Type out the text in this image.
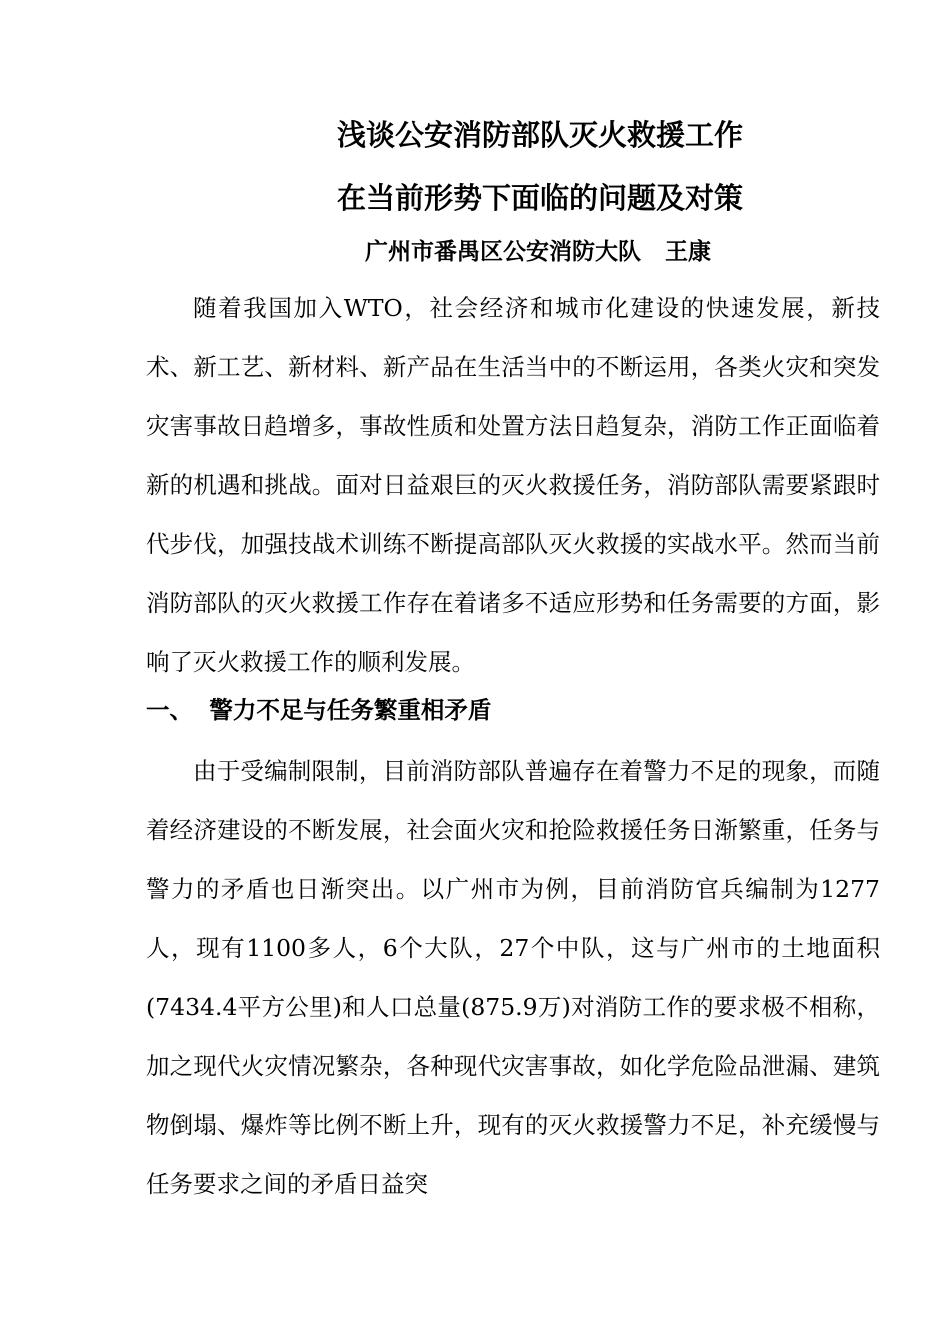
浅谈公安消防部队灭火救援工作
在当前形势下面临的问题及对策
广州市番禺区公安消防大队   王康

随着我国加入WTO，社会经济和城市化建设的快速发展，新技术、新工艺、新材料、新产品在生活当中的不断运用，各类火灾和突发灾害事故日趋增多，事故性质和处置方法日趋复杂，消防工作正面临着新的机遇和挑战。面对日益艰巨的灭火救援任务，消防部队需要紧跟时代步伐，加强技战术训练不断提高部队灭火救援的实战水平。然而当前消防部队的灭火救援工作存在着诸多不适应形势和任务需要的方面，影响了灭火救援工作的顺利发展。

一、  警力不足与任务繁重相矛盾

由于受编制限制，目前消防部队普遍存在着警力不足的现象，而随着经济建设的不断发展，社会面火灾和抢险救援任务日渐繁重，任务与警力的矛盾也日渐突出。以广州市为例，目前消防官兵编制为1277人，现有1100多人，6个大队，27个中队，这与广州市的土地面积 (7434.4平方公里)和人口总量(875.9万)对消防工作的要求极不相称，加之现代火灾情况繁杂，各种现代灾害事故，如化学危险品泄漏、建筑物倒塌、爆炸等比例不断上升，现有的灭火救援警力不足，补充缓慢与任务要求之间的矛盾日益突
